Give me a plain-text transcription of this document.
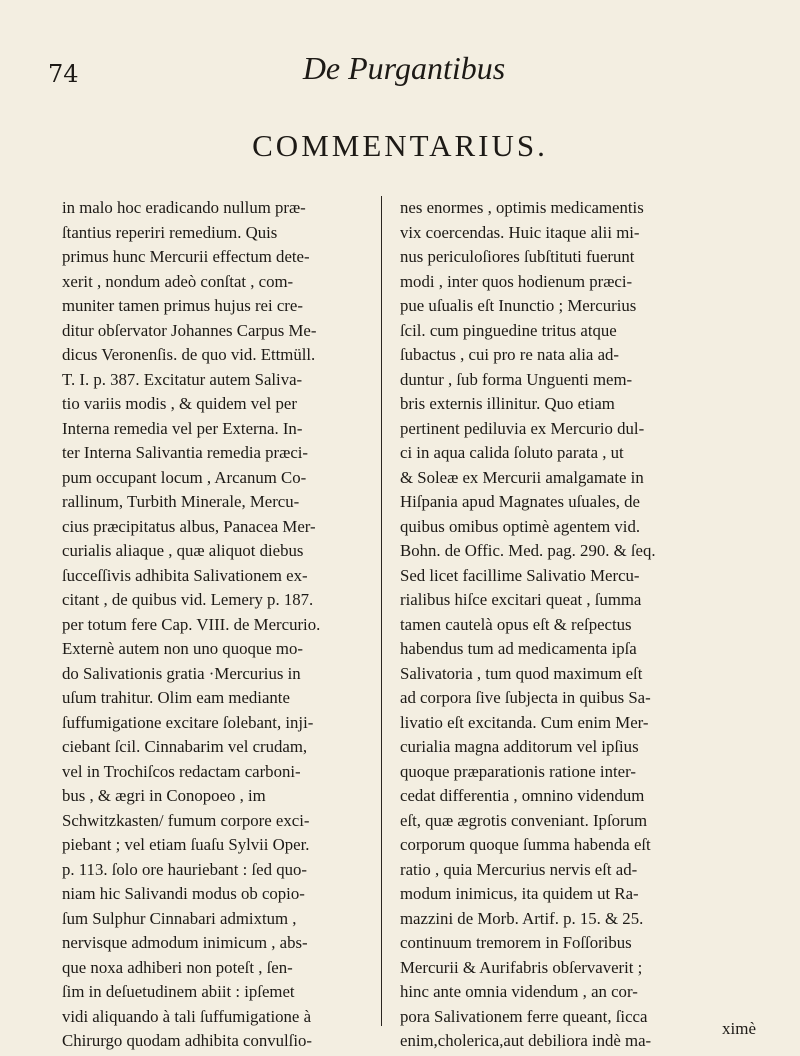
74	De Purgantibus
COMMENTARIUS.
in malo hoc eradicando nullum præ-
ſtantius reperiri remedium. Quis
primus hunc Mercurii effectum dete-
xerit , nondum adeò conſtat , com-
muniter tamen primus hujus rei cre-
ditur obſervator Johannes Carpus Me-
dicus Veronenſis. de quo vid. Ettmüll.
T. I. p. 387. Excitatur autem Saliva-
tio variis modis , & quidem vel per
Interna remedia vel per Externa. In-
ter Interna Salivantia remedia præci-
pum occupant locum , Arcanum Co-
rallinum, Turbith Minerale, Mercu-
cius præcipitatus albus, Panacea Mer-
curialis aliaque , quæ aliquot diebus
ſucceſſivis adhibita Salivationem ex-
citant , de quibus vid. Lemery p. 187.
per totum fere Cap. VIII. de Mercurio.
Externè autem non uno quoque mo-
do Salivationis gratia ·Mercurius in
uſum trahitur. Olim eam mediante
ſuffumigatione excitare ſolebant, inji-
ciebant ſcil. Cinnabarim vel crudam,
vel in Trochiſcos redactam carboni-
bus , & ægri in Conopoeo , im
Schwitzkasten/ fumum corpore exci-
piebant ; vel etiam ſuaſu Sylvii Oper.
p. 113. ſolo ore hauriebant : ſed quo-
niam hic Salivandi modus ob copio-
ſum Sulphur Cinnabari admixtum ,
nervisque admodum inimicum , abs-
que noxa adhiberi non poteſt , ſen-
ſim in deſuetudinem abiit : ipſemet
vidi aliquando à tali ſuffumigatione à
Chirurgo quodam adhibita convulſio-
nes enormes , optimis medicamentis
vix coercendas. Huic itaque alii mi-
nus periculoſiores ſubſtituti fuerunt
modi , inter quos hodienum præci-
pue uſualis eſt Inunctio ; Mercurius
ſcil. cum pinguedine tritus atque
ſubactus , cui pro re nata alia ad-
duntur , ſub forma Unguenti mem-
bris externis illinitur. Quo etiam
pertinent pediluvia ex Mercurio dul-
ci in aqua calida ſoluto parata , ut
& Soleæ ex Mercurii amalgamate in
Hiſpania apud Magnates uſuales, de
quibus omibus optimè agentem vid.
Bohn. de Offic. Med. pag. 290. & ſeq.
Sed licet facillime Salivatio Mercu-
rialibus hiſce excitari queat , ſumma
tamen cautelà opus eſt & reſpectus
habendus tum ad medicamenta ipſa
Salivatoria , tum quod maximum eſt
ad corpora ſive ſubjecta in quibus Sa-
livatio eſt excitanda. Cum enim Mer-
curialia magna additorum vel ipſius
quoque præparationis ratione inter-
cedat differentia , omnino videndum
eſt, quæ ægrotis conveniant. Ipſorum
corporum quoque ſumma habenda eſt
ratio , quia Mercurius nervis eſt ad-
modum inimicus, ita quidem ut Ra-
mazzini de Morb. Artif. p. 15. & 25.
continuum tremorem in Foſſoribus
Mercurii & Aurifabris obſervaverit ;
hinc ante omnia videndum , an cor-
pora Salivationem ferre queant, ſicca
enim,cholerica,aut debiliora indè ma-
ximè
